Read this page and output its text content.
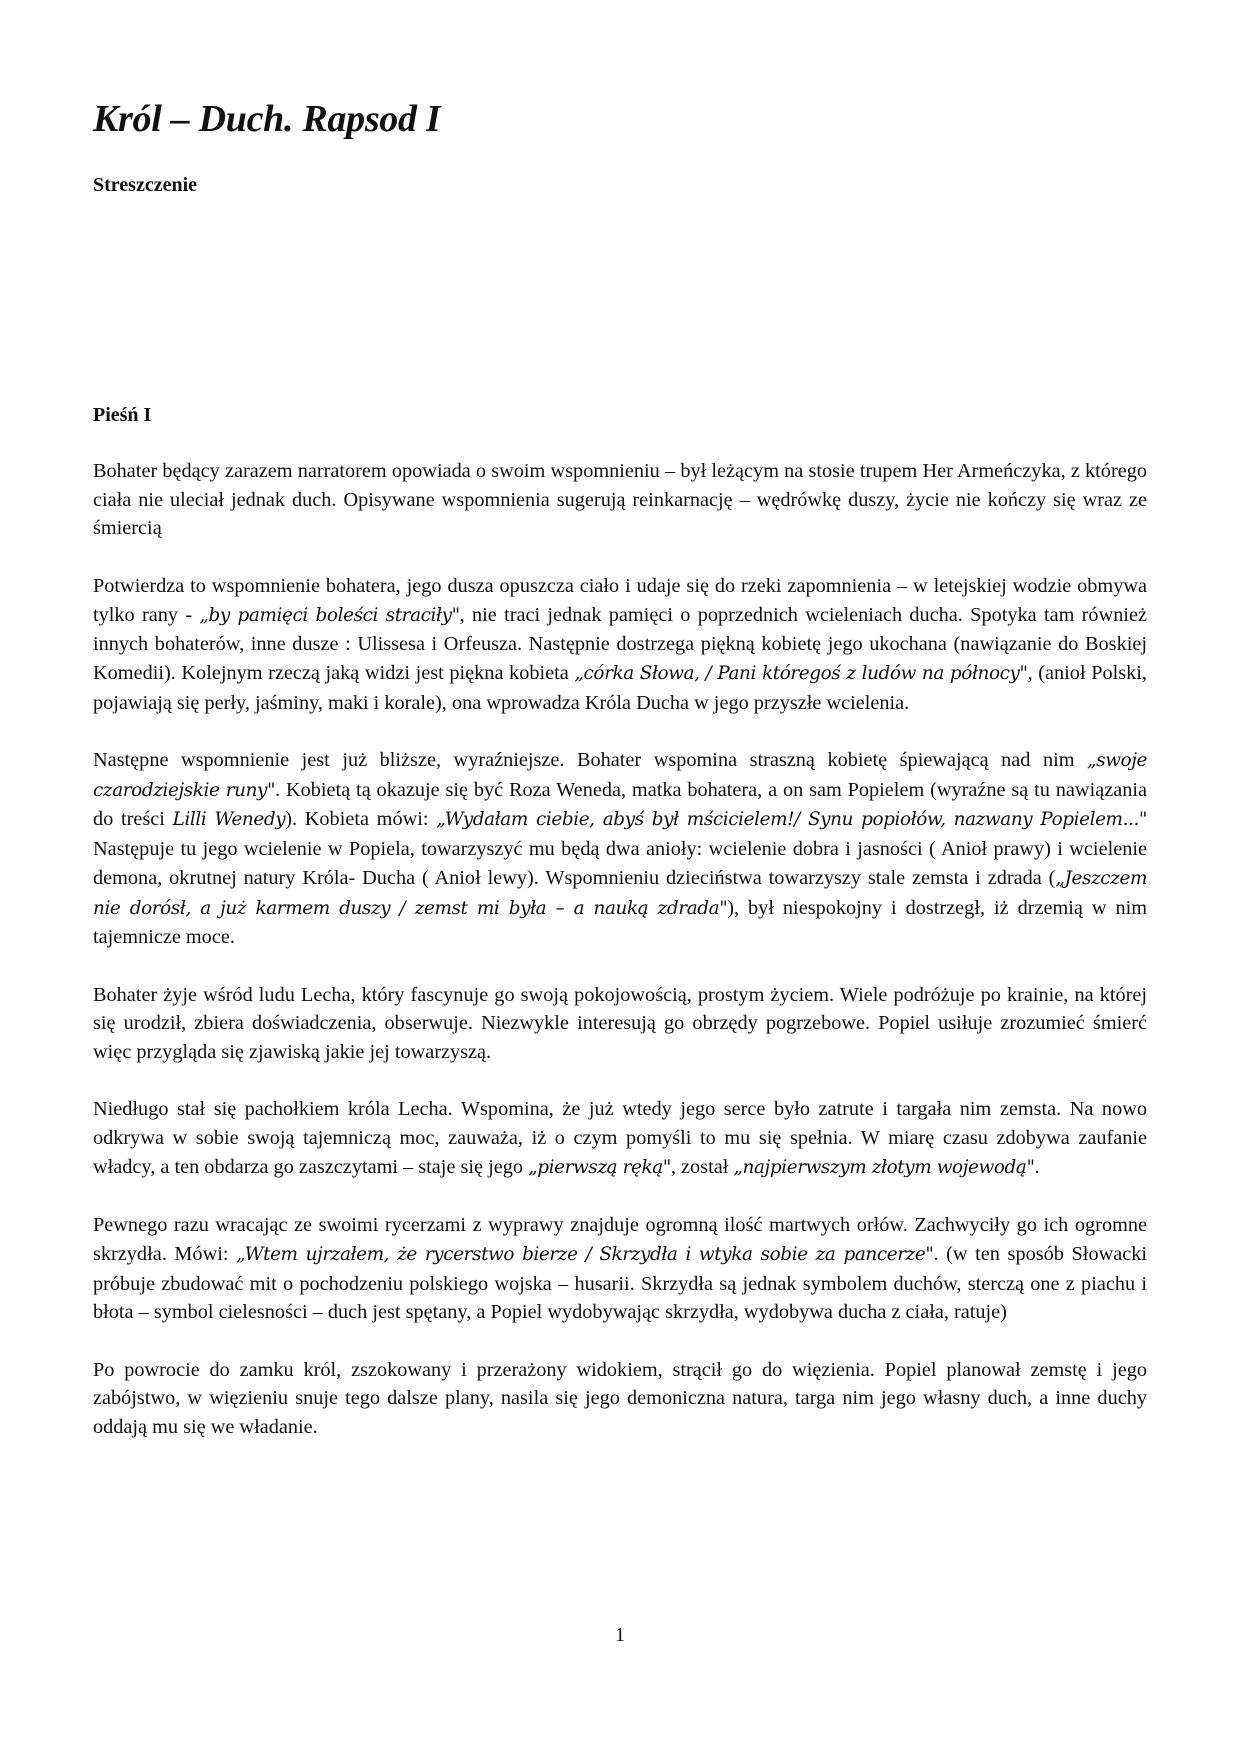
Król – Duch. Rapsod I
Streszczenie
Pieśń I

Bohater będący zarazem narratorem opowiada o swoim wspomnieniu – był leżącym na stosie trupem Her Armeńczyka, z którego ciała nie uleciał jednak duch. Opisywane wspomnienia sugerują reinkarnację – wędrówkę duszy, życie nie kończy się wraz ze śmiercią

Potwierdza to wspomnienie bohatera, jego dusza opuszcza ciało i udaje się do rzeki zapomnienia – w letejskiej wodzie obmywa tylko rany - „by pamięci boleści straciły", nie traci jednak pamięci o poprzednich wcieleniach ducha. Spotyka tam również innych bohaterów, inne dusze : Ulissesa i Orfeusza. Następnie dostrzega piękną kobietę jego ukochana (nawiązanie do Boskiej Komedii). Kolejnym rzeczą jaką widzi jest piękna kobieta „córka Słowa, / Pani któregoś z ludów na północy", (anioł Polski, pojawiają się perły, jaśminy, maki i korale), ona wprowadza Króla Ducha w jego przyszłe wcielenia.

Następne wspomnienie jest już bliższe, wyraźniejsze. Bohater wspomina straszną kobietę śpiewającą nad nim „swoje czarodziejskie runy". Kobietą tą okazuje się być Roza Weneda, matka bohatera, a on sam Popielem (wyraźne są tu nawiązania do treści Lilli Wenedy). Kobieta mówi: „Wydałam ciebie, abyś był mścicielem!/ Synu popiołów, nazwany Popielem..." Następuje tu jego wcielenie w Popiela, towarzyszyć mu będą dwa anioły: wcielenie dobra i jasności ( Anioł prawy) i wcielenie demona, okrutnej natury Króla- Ducha ( Anioł lewy). Wspomnieniu dzieciństwa towarzyszy stale zemsta i zdrada („Jeszczem nie dorósł, a już karmem duszy / zemst mi była – a nauką zdrada"), był niespokojny i dostrzegł, iż drzemią w nim tajemnicze moce.

Bohater żyje wśród ludu Lecha, który fascynuje go swoją pokojowością, prostym życiem. Wiele podróżuje po krainie, na której się urodził, zbiera doświadczenia, obserwuje. Niezwykle interesują go obrzędy pogrzebowe. Popiel usiłuje zrozumieć śmierć więc przygląda się zjawiską jakie jej towarzyszą.

Niedługo stał się pachołkiem króla Lecha. Wspomina, że już wtedy jego serce było zatrute i targała nim zemsta. Na nowo odkrywa w sobie swoją tajemniczą moc, zauważa, iż o czym pomyśli to mu się spełnia. W miarę czasu zdobywa zaufanie władcy, a ten obdarza go zaszczytami – staje się jego „pierwszą ręką", został „najpierwszym złotym wojewodą".

Pewnego razu wracając ze swoimi rycerzami z wyprawy znajduje ogromną ilość martwych orłów. Zachwyciły go ich ogromne skrzydła. Mówi: „Wtem ujrzałem, że rycerstwo bierze / Skrzydła i wtyka sobie za pancerze". (w ten sposób Słowacki próbuje zbudować mit o pochodzeniu polskiego wojska – husarii. Skrzydła są jednak symbolem duchów, sterczą one z piachu i błota – symbol cielesności – duch jest spętany, a Popiel wydobywając skrzydła, wydobywa ducha z ciała, ratuje)

Po powrocie do zamku król, zszokowany i przerażony widokiem, strącił go do więzienia. Popiel planował zemstę i jego zabójstwo, w więzieniu snuje tego dalsze plany, nasila się jego demoniczna natura, targa nim jego własny duch, a inne duchy oddają mu się we władanie.

1
